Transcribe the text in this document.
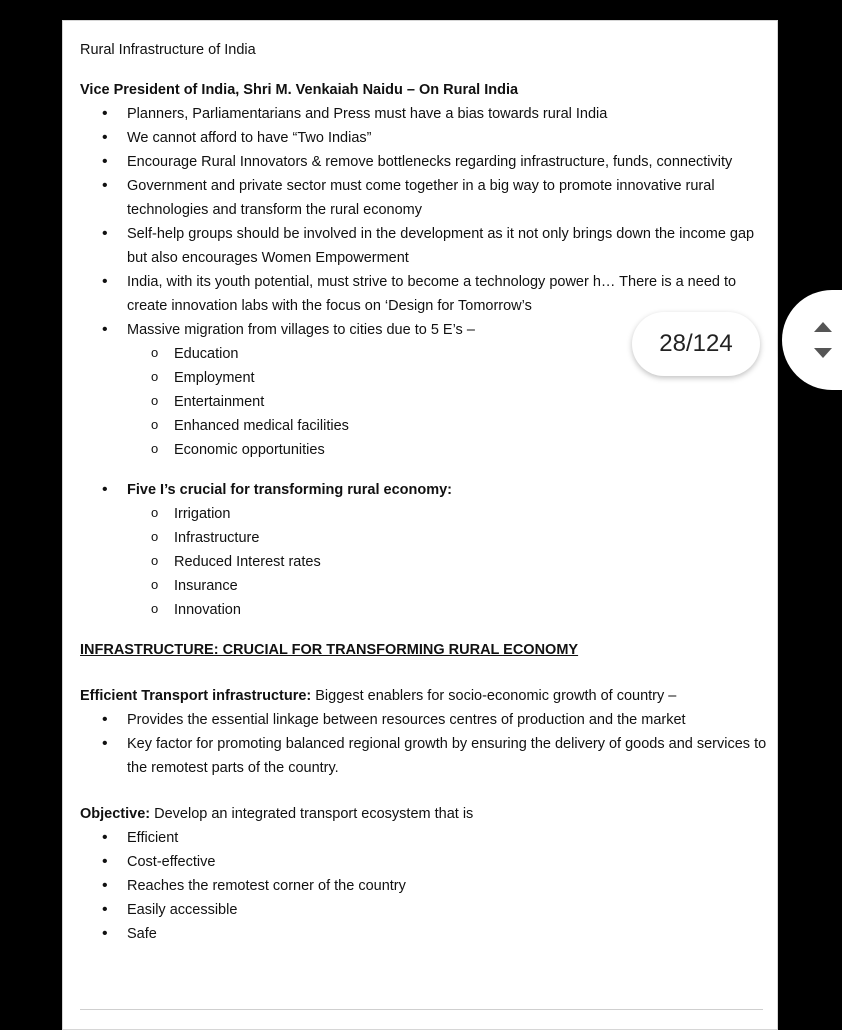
Rural Infrastructure of India

Vice President of India, Shri M. Venkaiah Naidu – On Rural India

• Planners, Parliamentarians and Press must have a bias towards rural India
• We cannot afford to have “Two Indias”
• Encourage Rural Innovators & remove bottlenecks regarding infrastructure, funds, connectivity
• Government and private sector must come together in a big way to promote innovative rural technologies and transform the rural economy
• Self-help groups should be involved in the development as it not only brings down the income gap but also encourages Women Empowerment
• India, with its youth potential, must strive to become a technology power h… There is a need to create innovation labs with the focus on ‘Design for Tomorrow’s
• Massive migration from villages to cities due to 5 E’s –
o Education
o Employment
o Entertainment
o Enhanced medical facilities
o Economic opportunities
• Five I’s crucial for transforming rural economy:
o Irrigation
o Infrastructure
o Reduced Interest rates
o Insurance
o Innovation

INFRASTRUCTURE: CRUCIAL FOR TRANSFORMING RURAL ECONOMY

Efficient Transport infrastructure: Biggest enablers for socio-economic growth of country –

• Provides the essential linkage between resources centres of production and the market
• Key factor for promoting balanced regional growth by ensuring the delivery of goods and services to the remotest parts of the country.

Objective: Develop an integrated transport ecosystem that is

• Efficient
• Cost-effective
• Reaches the remotest corner of the country
• Easily accessible
• Safe
28/124
